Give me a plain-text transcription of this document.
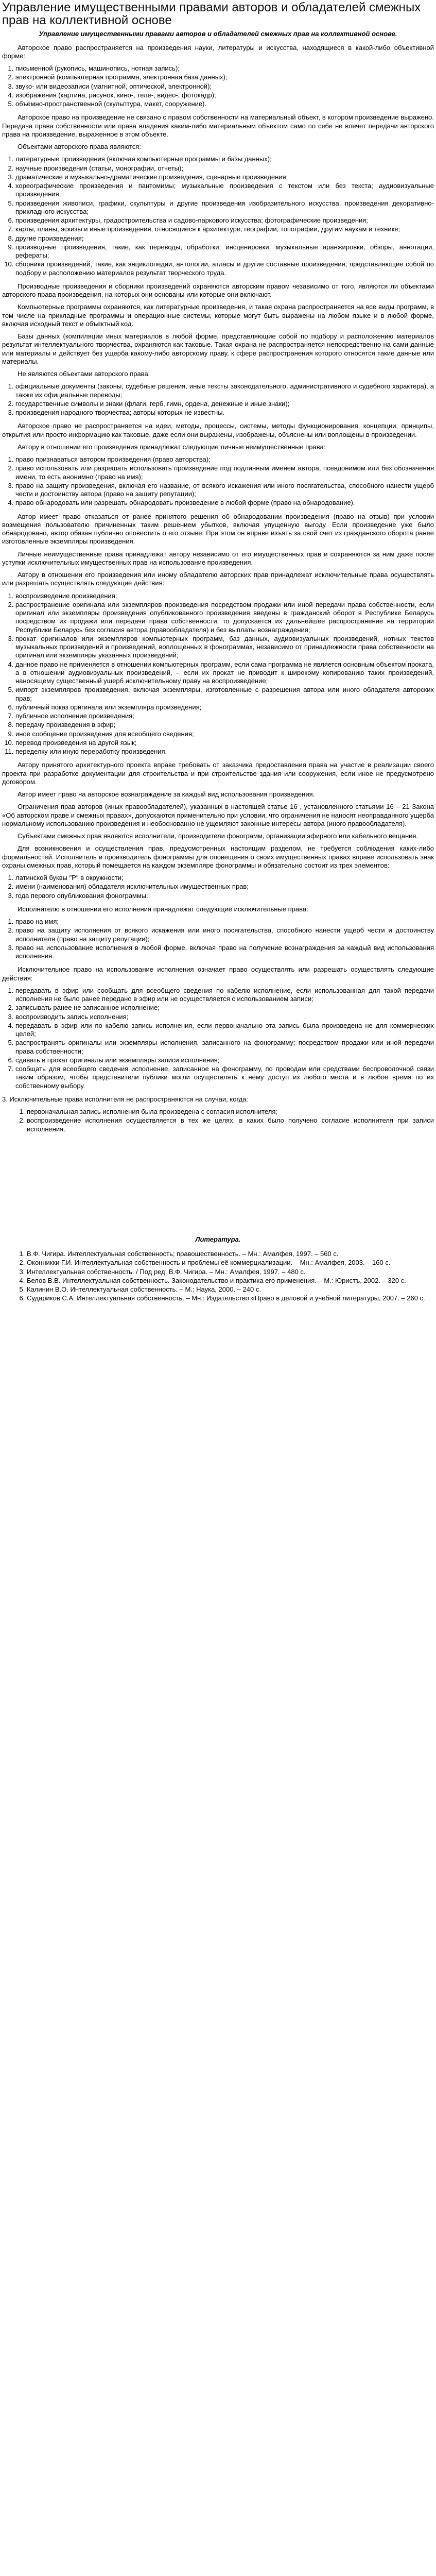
Управление имущественными правами авторов и обладателей смежных прав на коллективной основе
Управление имущественными правами авторов и обладателей смежных прав на коллективной основе.

Авторское право распространяется на произведения науки, литературы и искусства, находящиеся в какой-либо объективной форме:

1. письменной (рукопись, машинопись, нотная запись);
2. электронной (компьютерная программа, электронная база данных);
3. звуко- или видеозаписи (магнитной, оптической, электронной);
4. изображения (картина, рисунок, кино-, теле-, видео-, фотокадр);
5. объемно-пространственной (скульптура, макет, сооружение).

Авторское право на произведение не связано с правом собственности на материальный объект, в котором произведение выражено. Передача права собственности или права владения каким-либо материальным объектом само по себе не влечет передачи авторского права на произведение, выраженное в этом объекте.

Объектами авторского права являются:

1. литературные произведения (включая компьютерные программы и базы данных);
2. научные произведения (статьи, монографии, отчеты);
3. драматические и музыкально-драматические произведения, сценарные произведения;
4. хореографические произведения и пантомимы; музыкальные произведения с текстом или без текста; аудиовизуальные произведения;
5. произведения живописи, графики, скульптуры и другие произведения изобразительного искусства; произведения декоративно-прикладного искусства;
6. произведения архитектуры, градостроительства и садово-паркового искусства; фотографические произведения;
7. карты, планы, эскизы и иные произведения, относящиеся к архитектуре, географии, топографии, другим наукам и технике;
8. другие произведения;
9. производные произведения, такие, как переводы, обработки, инсценировки, музыкальные аранжировки, обзоры, аннотации, рефераты;
10. сборники произведений, такие, как энциклопедии, антологии, атласы и другие составные произведения, представляющие собой по подбору и расположению материалов результат творческого труда.

Производные произведения и сборники произведений охраняются авторским правом независимо от того, являются ли объектами авторского права произведения, на которых они основаны или которые они включают.

Компьютерные программы охраняются, как литературные произведения, и такая охрана распространяется на все виды программ, в том числе на прикладные программы и операционные системы, которые могут быть выражены на любом языке и в любой форме, включая исходный текст и объектный код.

Базы данных (компиляции иных материалов в любой форме, представляющие собой по подбору и расположению материалов результат интеллектуального творчества, охраняются как таковые. Такая охрана не распространяется непосредственно на сами данные или материалы и действует без ущерба какому-либо авторскому праву, к сфере распространения которого относятся такие данные или материалы.

Не являются объектами авторского права:

1. официальные документы (законы, судебные решения, иные тексты законодательного, административного и судебного характера), а также их официальные переводы;
2. государственные символы и знаки (флаги, герб, гимн, ордена, денежные и иные знаки);
3. произведения народного творчества; авторы которых не известны.

Авторское право не распространяется на идеи, методы, процессы, системы, методы функционирования, концепции, принципы, открытия или просто информацию как таковые, даже если они выражены, изображены, объяснены или воплощены в произведении.

Автору в отношении его произведения принадлежат следующие личные неимущественные права:

1. право признаваться автором произведения (право авторства);
2. право использовать или разрешать использовать произведение под подлинным именем автора, псевдонимом или без обозначения имени, то есть анонимно (право на имя);
3. право на защиту произведения, включая его название, от всякого искажения или иного посягательства, способного нанести ущерб чести и достоинству автора (право на защиту репутации);
4. право обнародовать или разрешать обнародовать произведение в любой форме (право на обнародование).

Автор имеет право отказаться от ранее принятого решения об обнародовании произведения (право на отзыв) при условии возмещения пользователю причиненных таким решением убытков, включая упущенную выгоду. Если произведение уже было обнародовано, автор обязан публично оповестить о его отзыве. При этом он вправе изъять за свой счет из гражданского оборота ранее изготовленные экземпляры произведения.

Личные неимущественные права принадлежат автору независимо от его имущественных прав и сохраняются за ним даже после уступки исключительных имущественных прав на использование произведения.

Автору в отношении его произведения или иному обладателю авторских прав принадлежат исключительные права осуществлять или разрешать осуществлять следующие действия:

1. воспроизведение произведения;
2. распространение оригинала или экземпляров произведения посредством продажи или иной передачи права собственности, если оригинал или экземпляры произведения опубликованного произведения введены в гражданский оборот в Республике Беларусь посредством их продажи или передачи права собственности, то допускается их дальнейшее распространение на территории Республики Беларусь без согласия автора (правообладателя) и без выплаты вознаграждения;
3. прокат оригиналов или экземпляров компьютерных программ, баз данных, аудиовизуальных произведений, нотных текстов музыкальных произведений и произведений, воплощенных в фонограммах, независимо от принадлежности права собственности на оригинал или экземпляры указанных произведений;
4. данное право не применяется в отношении компьютерных программ, если сама программа не является основным объектом проката, а в отношении аудиовизуальных произведений, – если их прокат не приводит к широкому копированию таких произведений, наносящему существенный ущерб исключительному праву на воспроизведение;
5. импорт экземпляров произведения, включая экземпляры, изготовленные с разрешения автора или иного обладателя авторских прав;
6. публичный показ оригинала или экземпляра произведения;
7. публичное исполнение произведения;
8. передачу произведения в эфир;
9. иное сообщение произведения для всеобщего сведения;
10. перевод произведения на другой язык;
11. переделку или иную переработку произведения.

Автору принятого архитектурного проекта вправе требовать от заказчика предоставления права на участие в реализации своего проекта при разработке документации для строительства и при строительстве здания или сооружения, если иное не предусмотрено договором.

Автор имеет право на авторское вознаграждение за каждый вид использования произведения.

Ограничения прав авторов (иных правообладателей), указанных в настоящей статье 16 , установленного статьями 16 – 21 Закона «Об авторском праве и смежных правах», допускаются применительно при условии, что ограничения не наносят неоправданного ущерба нормальному использованию произведения и необоснованно не ущемляют законные интересы автора (иного правообладателя).

Субъектами смежных прав являются исполнители, производители фонограмм, организации эфирного или кабельного вещания.

Для возникновения и осуществления прав, предусмотренных настоящим разделом, не требуется соблюдения каких-либо формальностей. Исполнитель и производитель фонограммы для оповещения о своих имущественных правах вправе использовать знак охраны смежных прав, который помещается на каждом экземпляре фонограммы и обязательно состоит из трех элементов:

1. латинской буквы "P" в окружности;
2. имени (наименования) обладателя исключительных имущественных прав;
3. года первого опубликования фонограммы.

Исполнителю в отношении его исполнения принадлежат следующие исключительные права:

1. право на имя;
2. право на защиту исполнения от всякого искажения или иного посягательства, способного нанести ущерб чести и достоинству исполнителя (право на защиту репутации);
3. право на использование исполнения в любой форме, включая право на получение вознаграждения за каждый вид использования исполнения.

Исключительное право на использование исполнения означает право осуществлять или разрешать осуществлять следующие действия:

1. передавать в эфир или сообщать для всеобщего сведения по кабелю исполнение, если использованная для такой передачи исполнения не было ранее передано в эфир или не осуществляется с использованием записи;
2. записывать ранее не записанное исполнение;
3. воспроизводить запись исполнения;
4. передавать в эфир или по кабелю запись исполнения, если первоначально эта запись была произведена не для коммерческих целей;
5. распространять оригиналы или экземпляры исполнения, записанного на фонограмму; посредством продажи или иной передачи права собственности;
6. сдавать в прокат оригиналы или экземпляры записи исполнения;
7. сообщать для всеобщего сведения исполнение, записанное на фонограмму, по проводам или средствами беспроволочной связи таким образом, чтобы представители публики могли осуществлять к нему доступ из любого места и в любое время по их собственному выбору.

3. Исключительные права исполнителя не распространяются на случаи, когда:

1. первоначальная запись исполнения была произведена с согласия исполнителя;
2. воспроизведение исполнения осуществляется в тех же целях, в каких было получено согласие исполнителя при записи исполнения.
Литература.
1. В.Ф. Чигира. Интеллектуальная собственность; правошественность. – Мн.: Амалфея, 1997. – 560 с.
2. Оконникки Г.И. Интеллектуальная собственность и проблемы её коммерциализации. – Мн.: Амалфея, 2003. – 160 с.
3. Интеллектуальная собственность. / Под ред. В.Ф. Чигира. – Мн.: Амалфея, 1997. – 480 с.
4. Белов В.В. Интеллектуальная собственность. Законодательство и практика его применения. – М.: Юристъ, 2002. – 320 с.
5. Калинин В.О. Интеллектуальная собственность. – М.: Наука, 2000. – 240 с.
6. Судариков С.А. Интеллектуальная собственность. – Мн.: Издательство «Право в деловой и учебной литературы, 2007. – 260 с.
